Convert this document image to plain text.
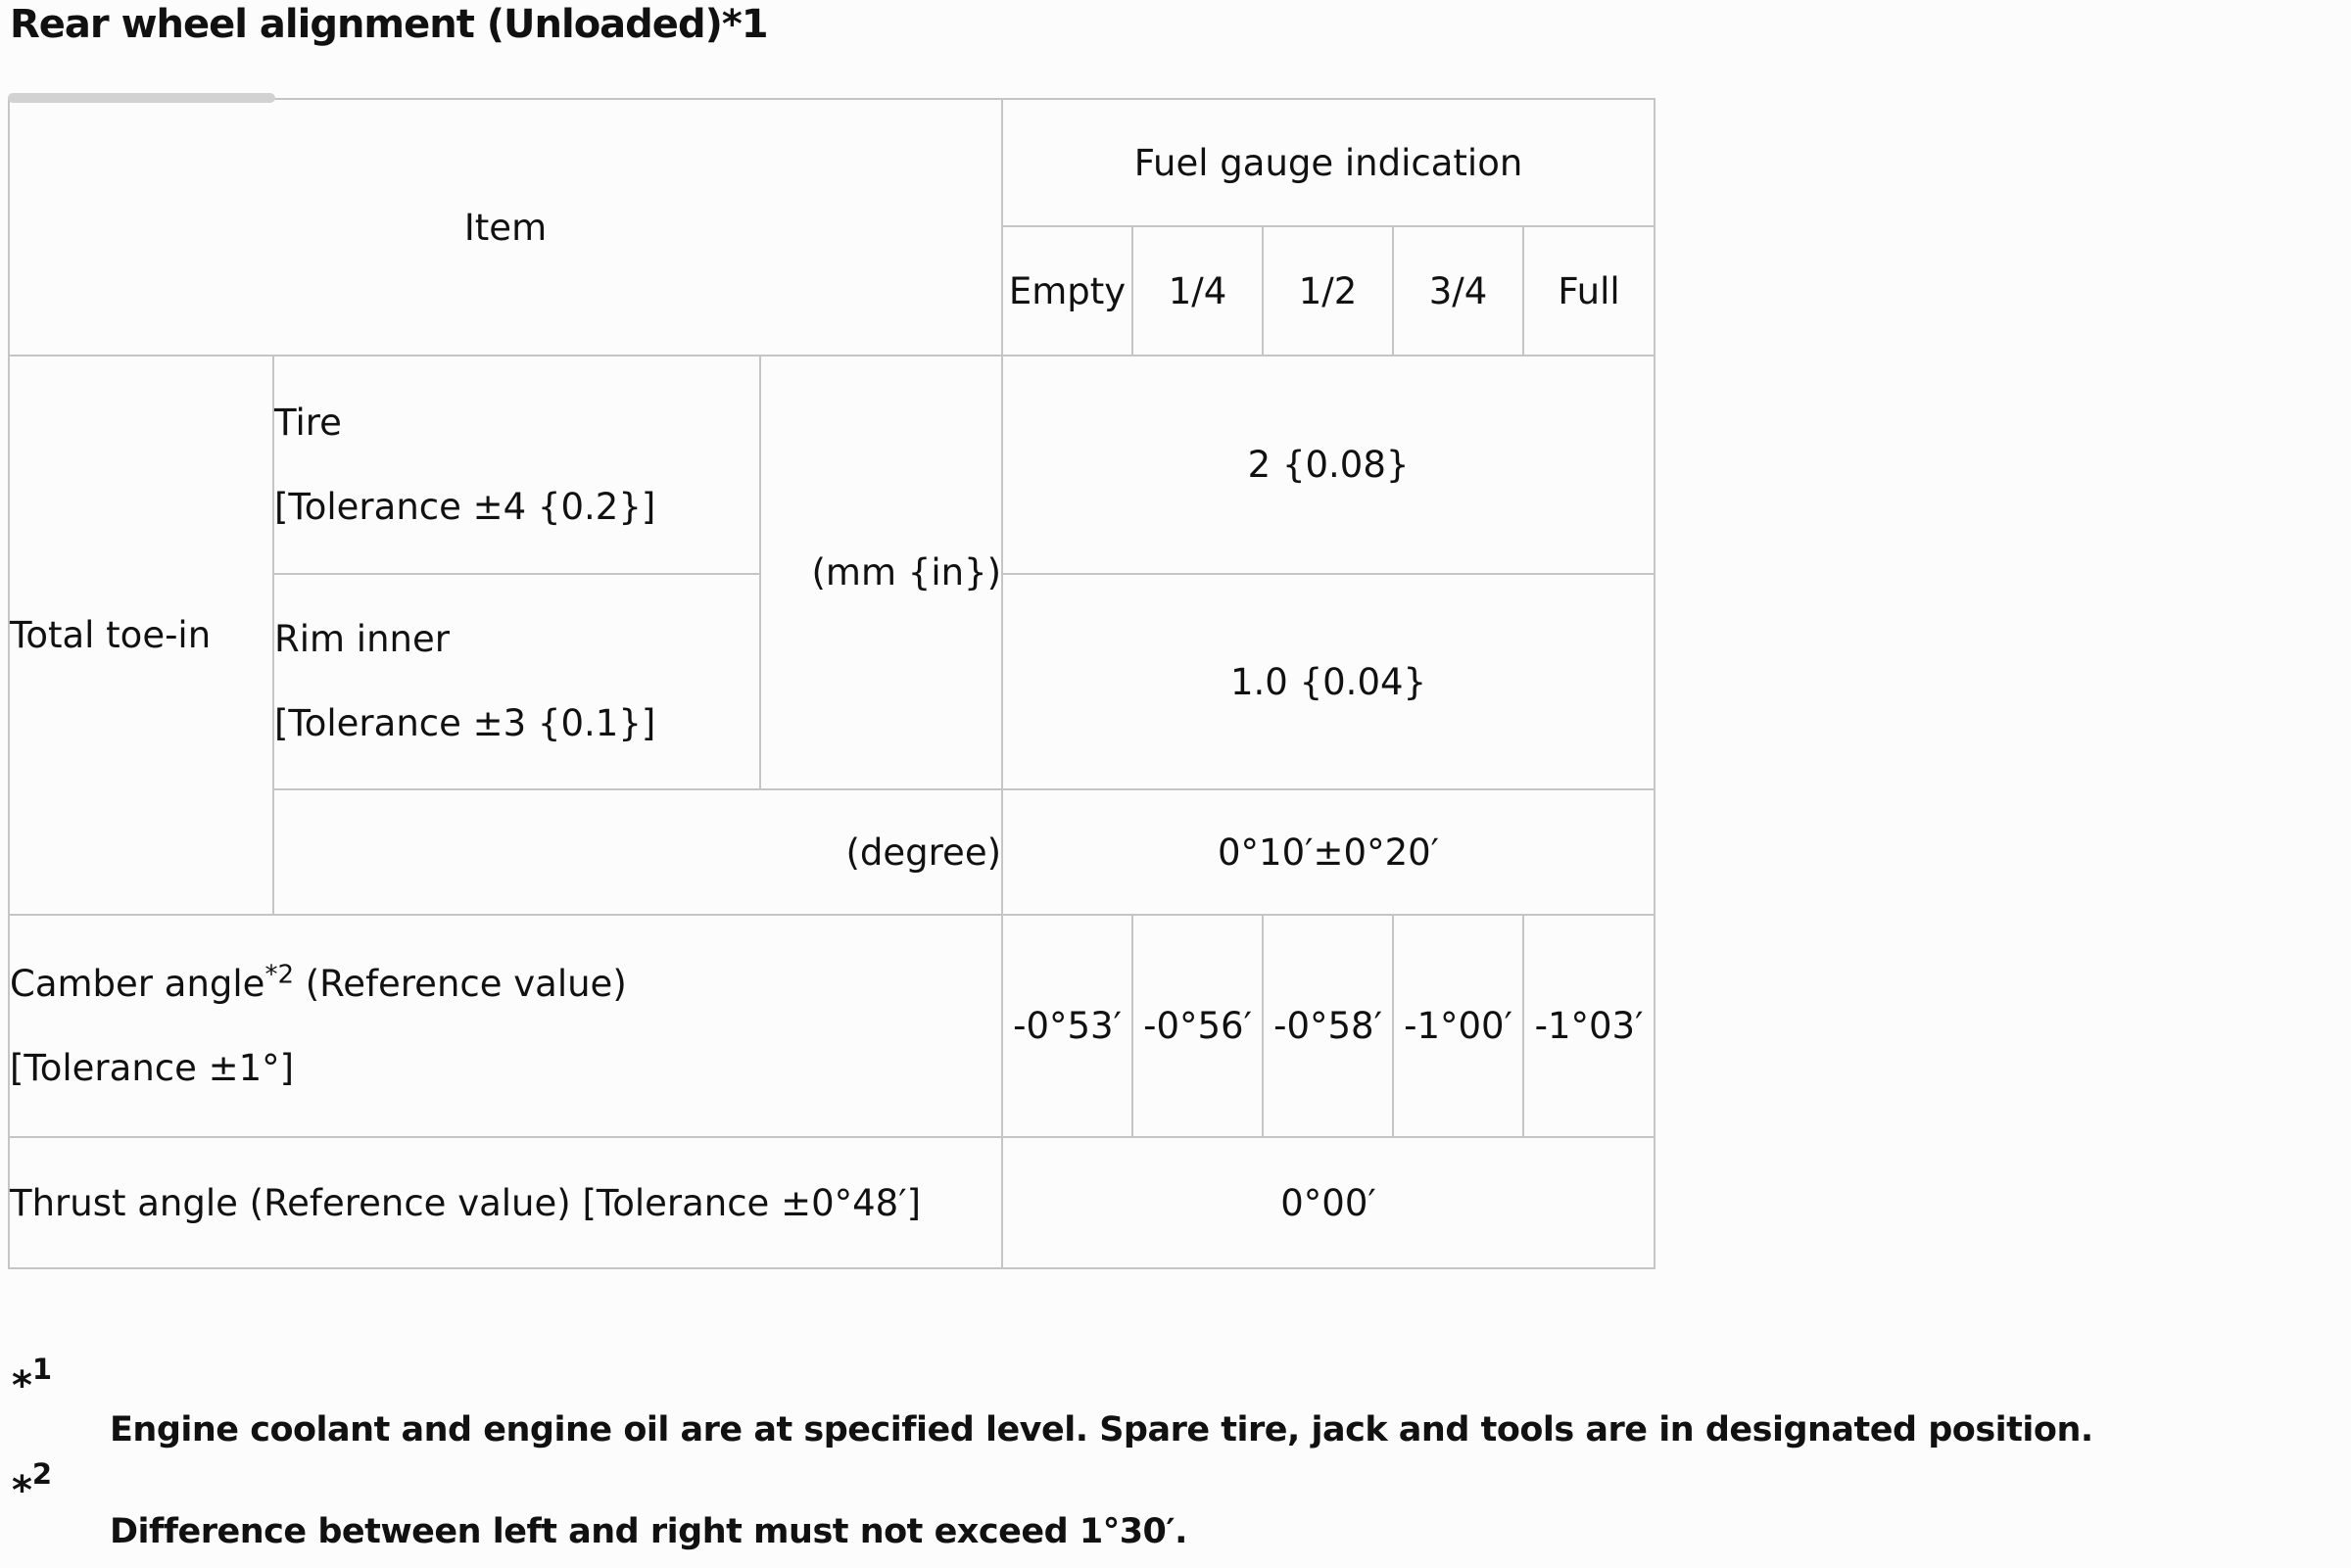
Rear wheel alignment (Unloaded)*1
Item			Fuel gauge indication				
			Empty	1/4	1/2	3/4	Full
Total toe-in	Tire
[Tolerance ±4 {0.2}]	(mm {in})	2 {0.08}				

	Rim inner
[Tolerance ±3 {0.1}]		1.0 {0.04}				
	(degree)		0°10′±0°20′				

Camber angle$^{*2}$ (Reference value)
[Tolerance ±1°]			-0°53′	-0°56′	-0°58′	-1°00′	-1°03′
Thrust angle (Reference value) [Tolerance ±0°48′]			0°00′				
*1
Engine coolant and engine oil are at specified level. Spare tire, jack and tools are in designated position.
*2
Difference between left and right must not exceed 1°30′.
